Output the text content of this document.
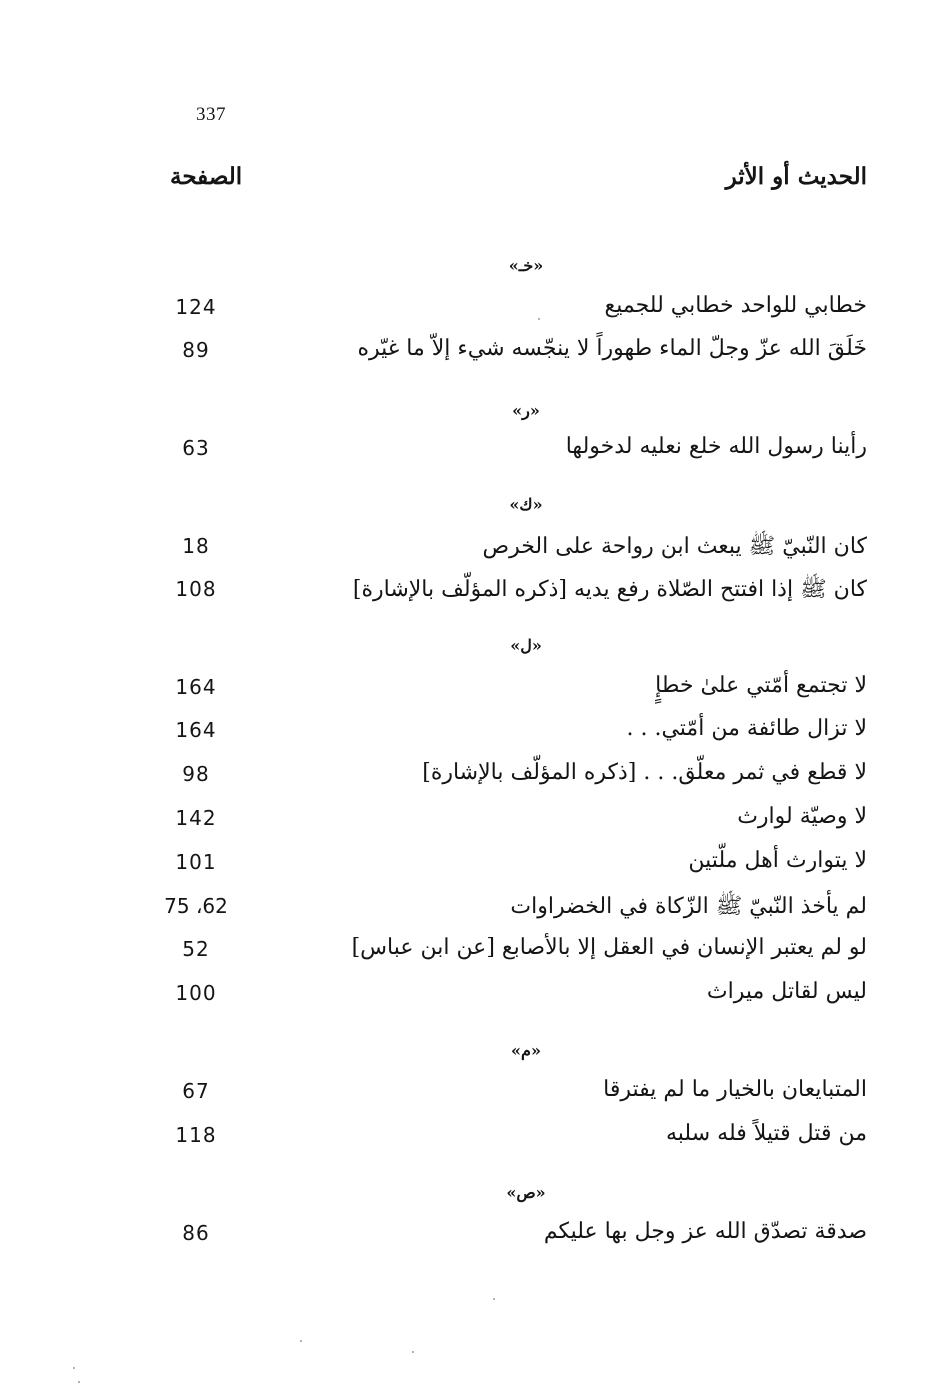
337
الصفحة	الحديث أو الأثر
«خـ»
خطابي للواحد خطابي للجميع
124
خَلَقَ الله عزّ وجلّ الماء طهوراً لا ينجّسه شيء إلاّ ما غيّره
89
«ر»
رأينا رسول الله خلع نعليه لدخولها
63
«ك»
كان النّبيّ ﷺ يبعث ابن رواحة على الخرص
18
كان ﷺ إذا افتتح الصّلاة رفع يديه [ذكره المؤلّف بالإشارة]
108
«ل»
لا تجتمع أمّتي علىٰ خطإٍ
164
لا تزال طائفة من أمّتي. . .
164
لا قطع في ثمر معلّق. . . [ذكره المؤلّف بالإشارة]
98
لا وصيّة لوارث
142
لا يتوارث أهل ملّتين
101
لم يأخذ النّبيّ ﷺ الزّكاة في الخضراوات
75 ،62
لو لم يعتبر الإنسان في العقل إلا بالأصابع [عن ابن عباس]
52
ليس لقاتل ميراث
100
«م»
المتبايعان بالخيار ما لم يفترقا
67
من قتل قتيلاً فله سلبه
118
«ص»
صدقة تصدّق الله عز وجل بها عليكم
86
